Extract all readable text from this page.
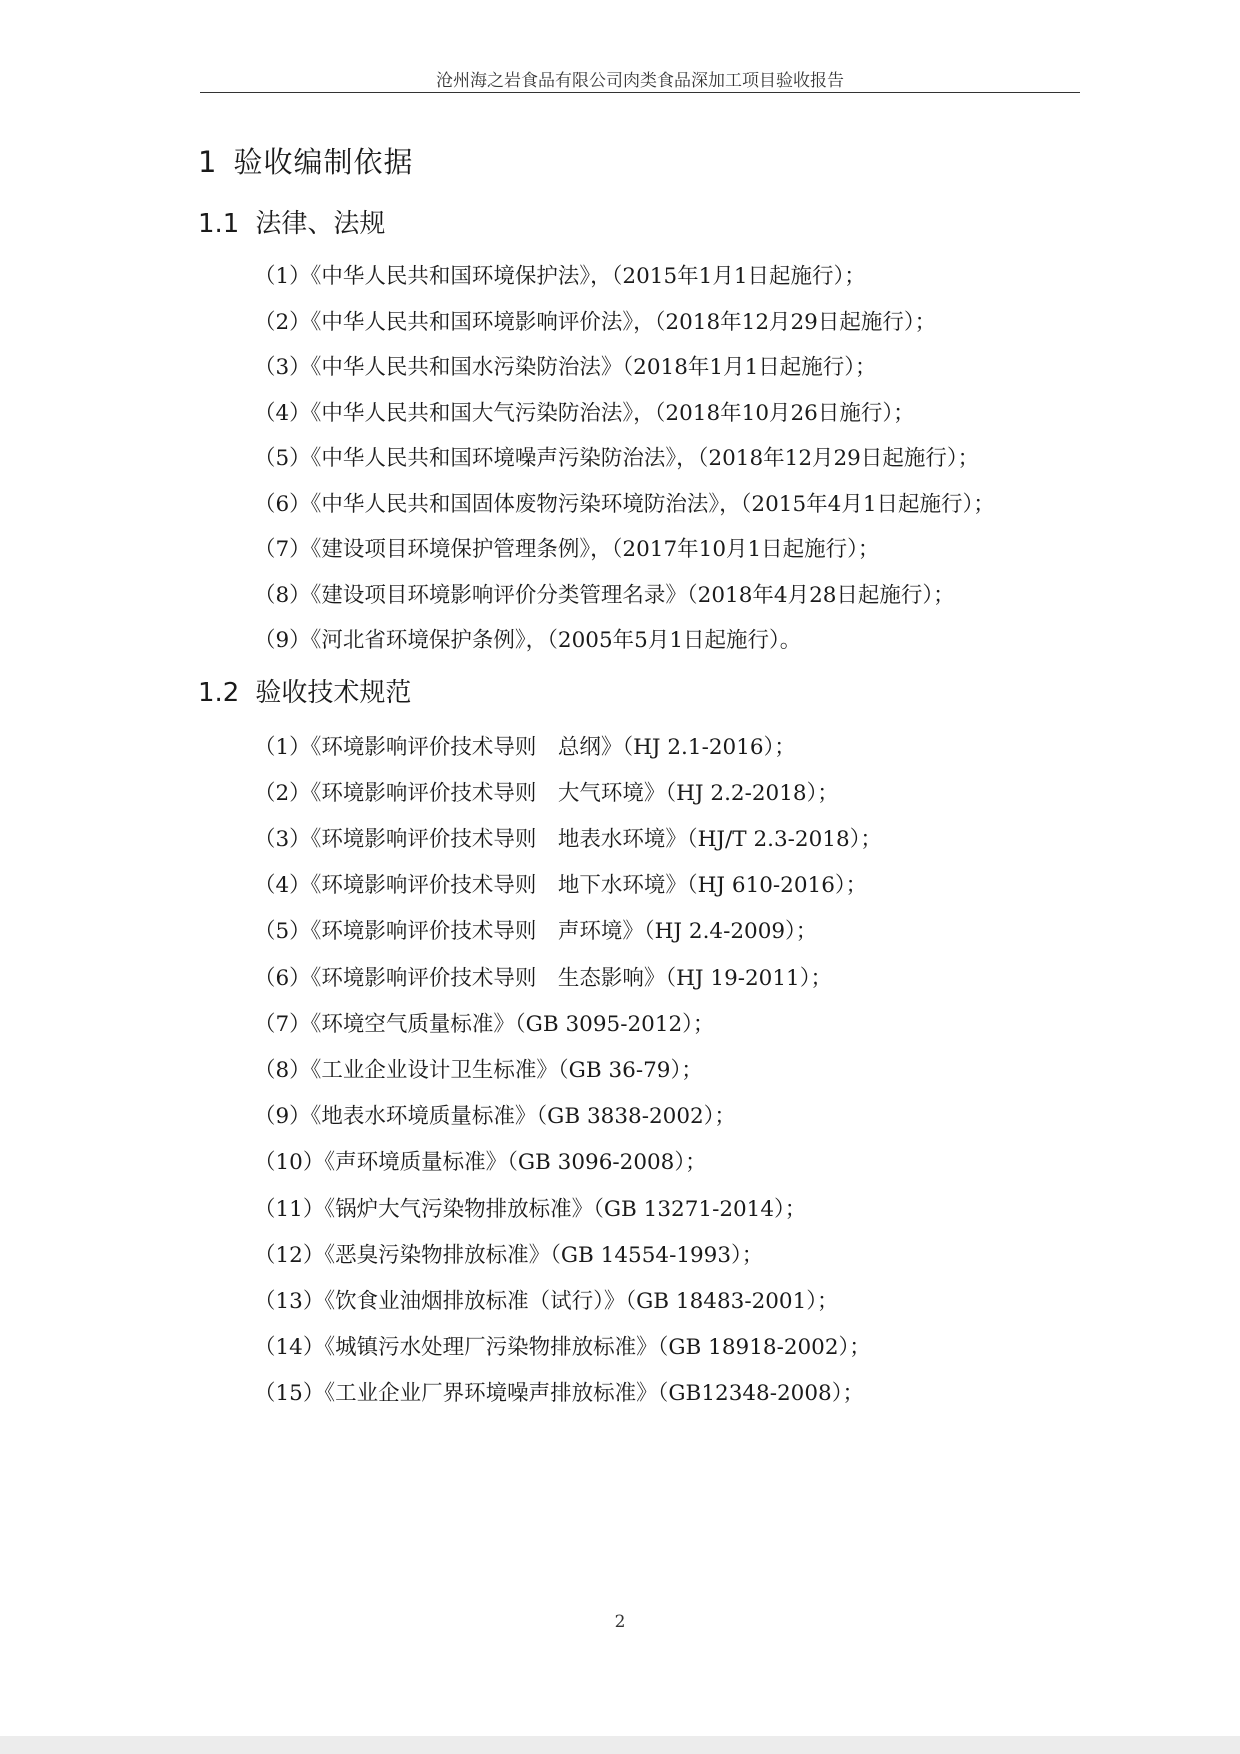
沧州海之岩食品有限公司肉类食品深加工项目验收报告
1 验收编制依据
1.1 法律、法规
（1）《中华人民共和国环境保护法》，（2015年1月1日起施行）；
（2）《中华人民共和国环境影响评价法》，（2018年12月29日起施行）；
（3）《中华人民共和国水污染防治法》（2018年1月1日起施行）；
（4）《中华人民共和国大气污染防治法》，（2018年10月26日施行）；
（5）《中华人民共和国环境噪声污染防治法》，（2018年12月29日起施行）；
（6）《中华人民共和国固体废物污染环境防治法》，（2015年4月1日起施行）；
（7）《建设项目环境保护管理条例》，（2017年10月1日起施行）；
（8）《建设项目环境影响评价分类管理名录》（2018年4月28日起施行）；
（9）《河北省环境保护条例》，（2005年5月1日起施行）。
1.2 验收技术规范
（1）《环境影响评价技术导则　总纲》（HJ 2.1-2016）；
（2）《环境影响评价技术导则　大气环境》（HJ 2.2-2018）；
（3）《环境影响评价技术导则　地表水环境》（HJ/T 2.3-2018）；
（4）《环境影响评价技术导则　地下水环境》（HJ 610-2016）；
（5）《环境影响评价技术导则　声环境》（HJ 2.4-2009）；
（6）《环境影响评价技术导则　生态影响》（HJ 19-2011）；
（7）《环境空气质量标准》（GB 3095-2012）；
（8）《工业企业设计卫生标准》（GB 36-79）；
（9）《地表水环境质量标准》（GB 3838-2002）；
（10）《声环境质量标准》（GB 3096-2008）；
（11）《锅炉大气污染物排放标准》（GB 13271-2014）；
（12）《恶臭污染物排放标准》（GB 14554-1993）；
（13）《饮食业油烟排放标准（试行）》（GB 18483-2001）；
（14）《城镇污水处理厂污染物排放标准》（GB 18918-2002）；
（15）《工业企业厂界环境噪声排放标准》（GB12348-2008）；
2
